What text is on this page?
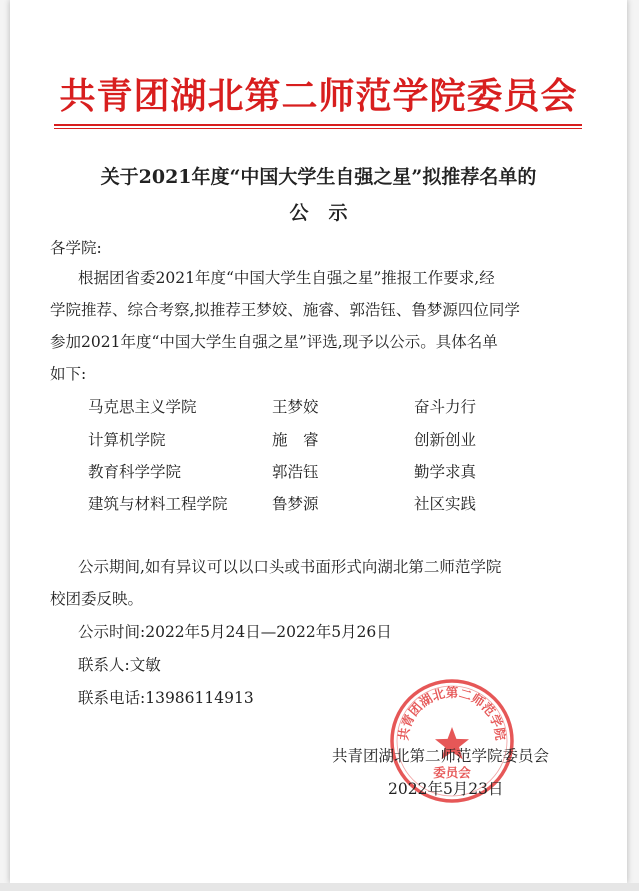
共青团湖北第二师范学院委员会
关于2021年度“中国大学生自强之星”拟推荐名单的
公示
各学院:
根据团省委2021年度“中国大学生自强之星”推报工作要求,经
学院推荐、综合考察,拟推荐王梦姣、施睿、郭浩钰、鲁梦源四位同学
参加2021年度“中国大学生自强之星”评选,现予以公示。具体名单
如下:
马克思主义学院	王梦姣	奋斗力行
计算机学院	施　睿	创新创业
教育科学学院	郭浩钰	勤学求真
建筑与材料工程学院	鲁梦源	社区实践
公示期间,如有异议可以以口头或书面形式向湖北第二师范学院
校团委反映。
公示时间:2022年5月24日—2022年5月26日
联系人:文敏
联系电话:13986114913
共青团湖北第二师范学院
委员会
共青团湖北第二师范学院委员会
2022年5月23日
